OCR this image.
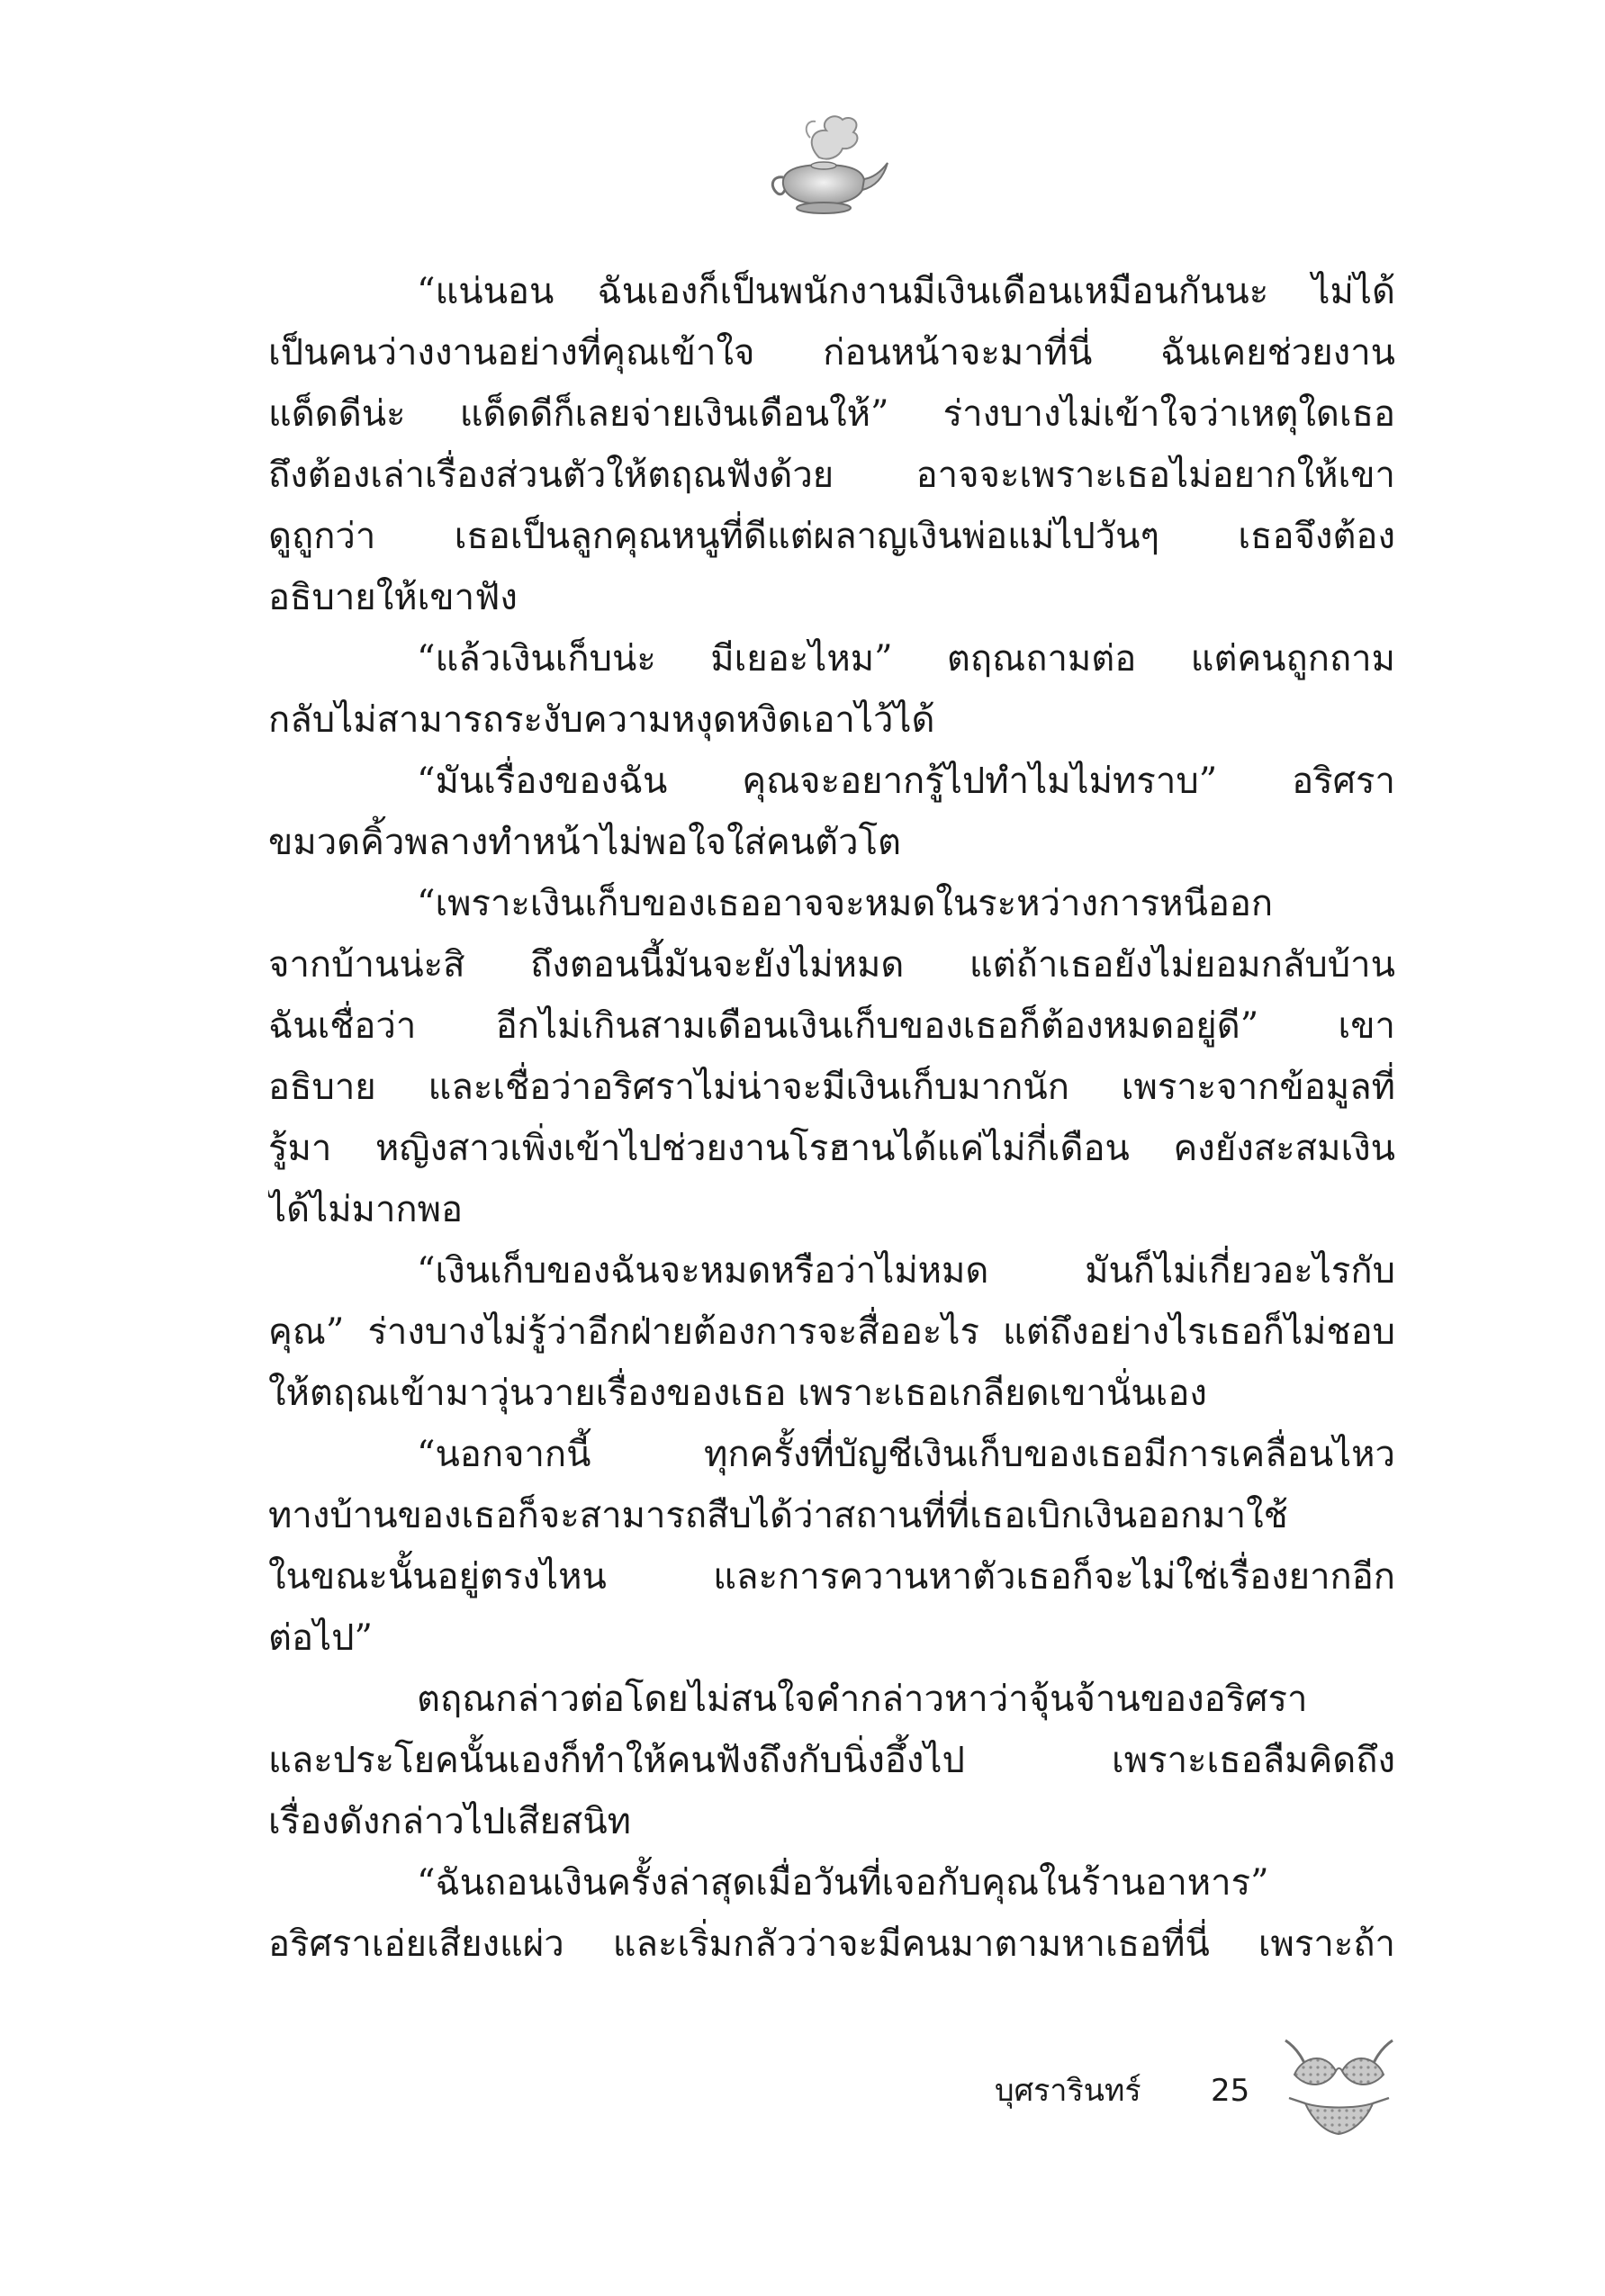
“แน่นอน ฉันเองก็เป็นพนักงานมีเงินเดือนเหมือนกันนะ ไม่ได้
เป็นคนว่างงานอย่างที่คุณเข้าใจ ก่อนหน้าจะมาที่นี่ ฉันเคยช่วยงาน
แด็ดดีน่ะ แด็ดดีก็เลยจ่ายเงินเดือนให้” ร่างบางไม่เข้าใจว่าเหตุใดเธอ
ถึงต้องเล่าเรื่องส่วนตัวให้ตฤณฟังด้วย อาจจะเพราะเธอไม่อยากให้เขา
ดูถูกว่า เธอเป็นลูกคุณหนูที่ดีแต่ผลาญเงินพ่อแม่ไปวันๆ เธอจึงต้อง
อธิบายให้เขาฟัง
“แล้วเงินเก็บน่ะ มีเยอะไหม” ตฤณถามต่อ แต่คนถูกถาม
กลับไม่สามารถระงับความหงุดหงิดเอาไว้ได้
“มันเรื่องของฉัน คุณจะอยากรู้ไปทำไมไม่ทราบ” อริศรา
ขมวดคิ้วพลางทำหน้าไม่พอใจใส่คนตัวโต
“เพราะเงินเก็บของเธออาจจะหมดในระหว่างการหนีออก
จากบ้านน่ะสิ ถึงตอนนี้มันจะยังไม่หมด แต่ถ้าเธอยังไม่ยอมกลับบ้าน
ฉันเชื่อว่า อีกไม่เกินสามเดือนเงินเก็บของเธอก็ต้องหมดอยู่ดี” เขา
อธิบาย และเชื่อว่าอริศราไม่น่าจะมีเงินเก็บมากนัก เพราะจากข้อมูลที่
รู้มา หญิงสาวเพิ่งเข้าไปช่วยงานโรฮานได้แค่ไม่กี่เดือน คงยังสะสมเงิน
ได้ไม่มากพอ
“เงินเก็บของฉันจะหมดหรือว่าไม่หมด มันก็ไม่เกี่ยวอะไรกับ
คุณ” ร่างบางไม่รู้ว่าอีกฝ่ายต้องการจะสื่ออะไร แต่ถึงอย่างไรเธอก็ไม่ชอบ
ให้ตฤณเข้ามาวุ่นวายเรื่องของเธอ เพราะเธอเกลียดเขานั่นเอง
“นอกจากนี้ ทุกครั้งที่บัญชีเงินเก็บของเธอมีการเคลื่อนไหว
ทางบ้านของเธอก็จะสามารถสืบได้ว่าสถานที่ที่เธอเบิกเงินออกมาใช้
ในขณะนั้นอยู่ตรงไหน และการควานหาตัวเธอก็จะไม่ใช่เรื่องยากอีก
ต่อไป”
ตฤณกล่าวต่อโดยไม่สนใจคำกล่าวหาว่าจุ้นจ้านของอริศรา
และประโยคนั้นเองก็ทำให้คนฟังถึงกับนิ่งอึ้งไป เพราะเธอลืมคิดถึง
เรื่องดังกล่าวไปเสียสนิท
“ฉันถอนเงินครั้งล่าสุดเมื่อวันที่เจอกับคุณในร้านอาหาร”
อริศราเอ่ยเสียงแผ่ว และเริ่มกลัวว่าจะมีคนมาตามหาเธอที่นี่ เพราะถ้า
บุศรารินทร์ 25
